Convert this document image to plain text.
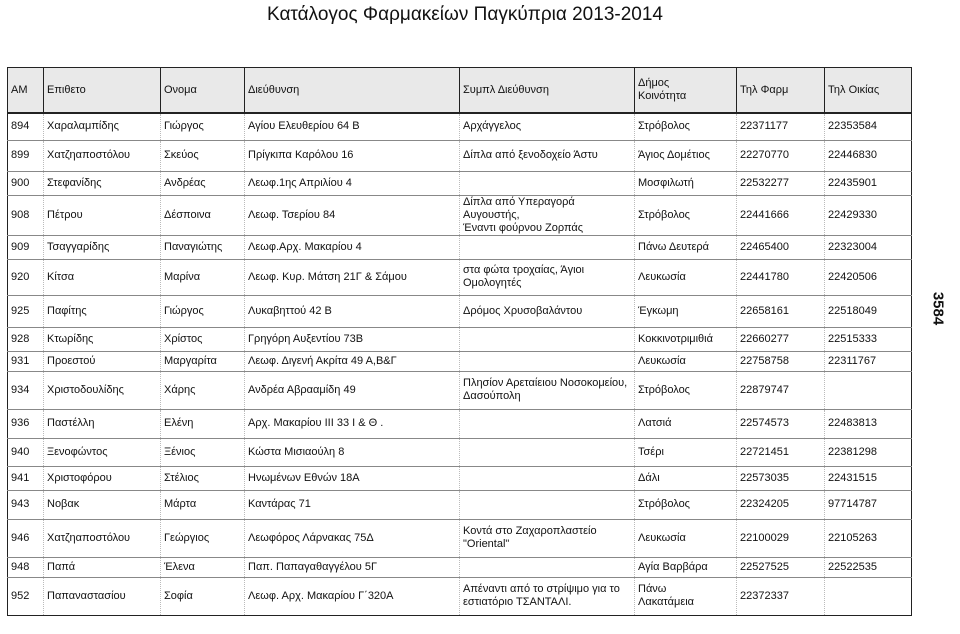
Κατάλογος Φαρμακείων Παγκύπρια 2013-2014
3584
ΑΜ	Επιθετο	Ονομα	Διεύθυνση	Συμπλ Διεύθυνση	Δήμος
Κοινότητα	Τηλ Φαρμ	Τηλ Οικίας
894	Χαραλαμπίδης	Γιώργος	Αγίου Ελευθερίου 64 Β	Αρχάγγελος	Στρόβολος	22371177	22353584
899	Χατζηαποστόλου	Σκεύος	Πρίγκιπα Καρόλου 16	Δίπλα από ξενοδοχείο Άστυ	Άγιος Δομέτιος	22270770	22446830
900	Στεφανίδης	Ανδρέας	Λεωφ.1ης Απριλίου 4		Μοσφιλωτή	22532277	22435901
908	Πέτρου	Δέσποινα	Λεωφ. Τσερίου 84	Δίπλα από Υπεραγορά Αυγουστής,
Έναντι φούρνου Ζορπάς	Στρόβολος	22441666	22429330
909	Τσαγγαρίδης	Παναγιώτης	Λεωφ.Αρχ. Μακαρίου 4		Πάνω Δευτερά	22465400	22323004
920	Κίτσα	Μαρίνα	Λεωφ. Κυρ. Μάτση 21Γ & Σάμου	στα φώτα τροχαίας, Άγιοι
Ομολογητές	Λευκωσία	22441780	22420506
925	Παφίτης	Γιώργος	Λυκαβηττού 42 Β	Δρόμος Χρυσοβαλάντου	Έγκωμη	22658161	22518049
928	Κτωρίδης	Χρίστος	Γρηγόρη Αυξεντίου 73Β		Κοκκινοτριμιθιά	22660277	22515333
931	Προεστού	Μαργαρίτα	Λεωφ. Διγενή Ακρίτα 49 Α,Β&Γ		Λευκωσία	22758758	22311767
934	Χριστοδουλίδης	Χάρης	Ανδρέα Αβρααμίδη 49	Πλησίον Αρεταίειου Νοσοκομείου,
Δασούπολη	Στρόβολος	22879747	
936	Παστέλλη	Ελένη	Αρχ. Μακαρίου ΙΙΙ 33 Ι & Θ .		Λατσιά	22574573	22483813
940	Ξενοφώντος	Ξένιος	Κώστα Μισιαούλη 8		Τσέρι	22721451	22381298
941	Χριστοφόρου	Στέλιος	Ηνωμένων Εθνών 18Α		Δάλι	22573035	22431515
943	Νοβακ	Μάρτα	Καντάρας 71		Στρόβολος	22324205	97714787
946	Χατζηαποστόλου	Γεώργιος	Λεωφόρος Λάρνακας 75Δ	Κοντά στο Ζαχαροπλαστείο
"Oriental"	Λευκωσία	22100029	22105263
948	Παπά	Έλενα	Παπ. Παπαγαθαγγέλου 5Γ		Αγία Βαρβάρα	22527525	22522535
952	Παπαναστασίου	Σοφία	Λεωφ. Αρχ. Μακαρίου Γ΄320Α	Απέναντι από το στρίψιμο για το
εστιατόριο ΤΣΑΝΤΑΛΙ.	Πάνω
Λακατάμεια	22372337	
